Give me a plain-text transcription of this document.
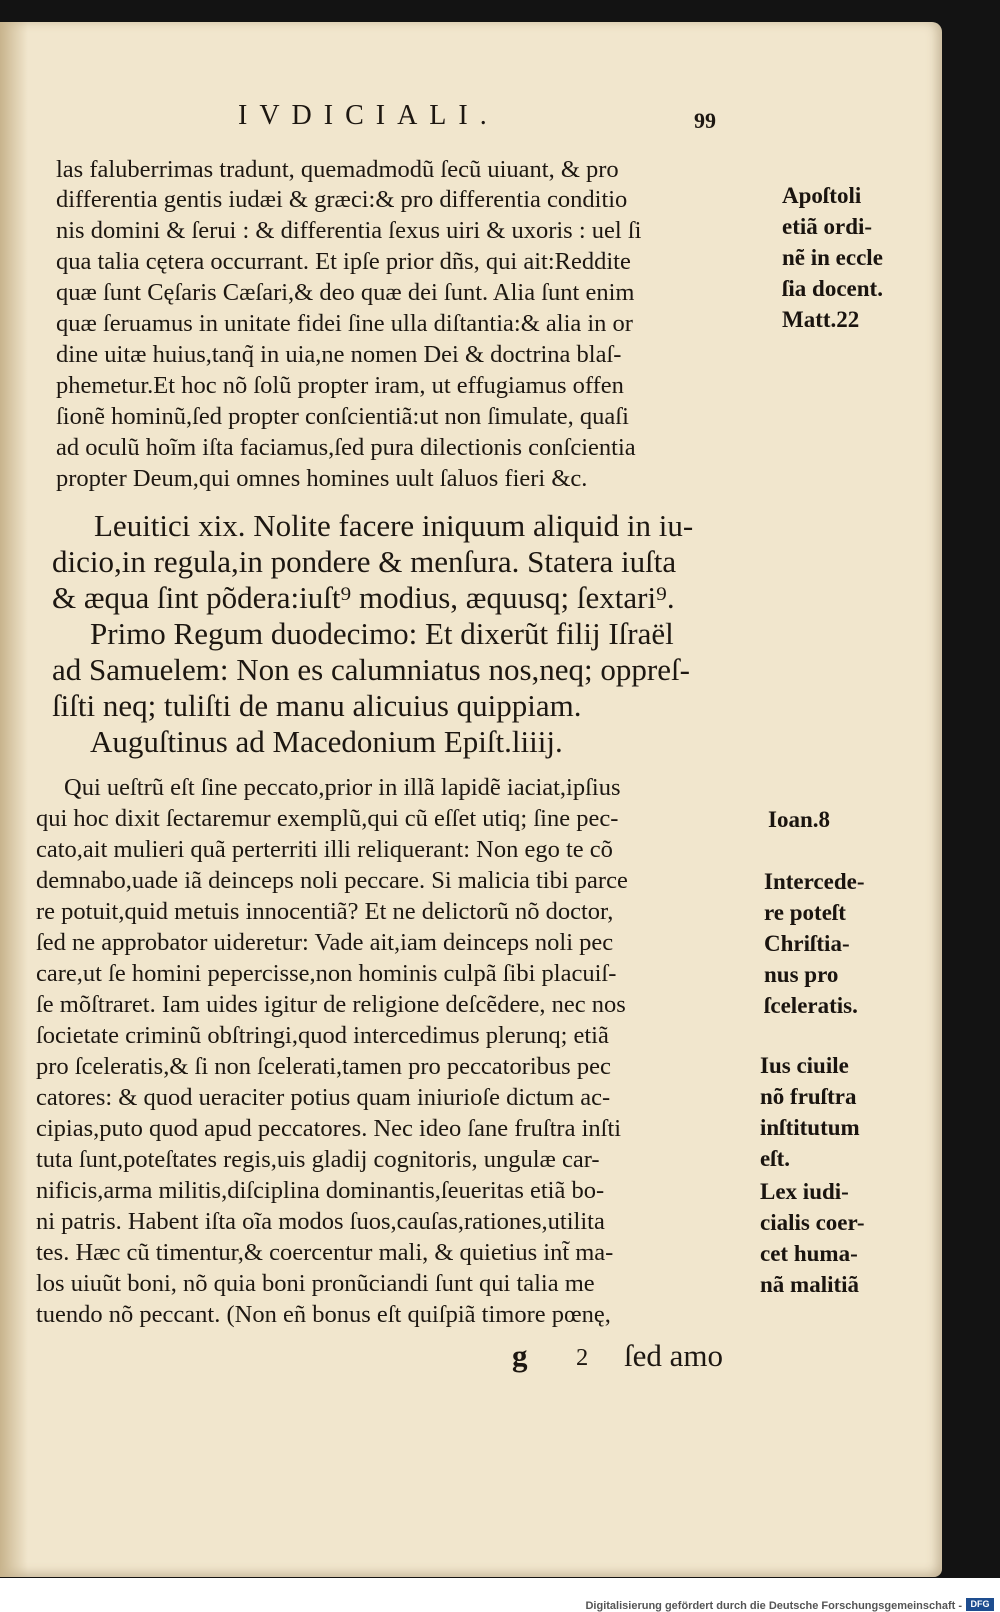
IVDICIALI.	99
las faluberrimas tradunt, quemadmodũ ſecũ uiuant, & pro
differentia gentis iudæi & græci:& pro differentia conditio
nis domini & ſerui : & differentia ſexus uiri & uxoris : uel ſi
qua talia cętera occurrant. Et ipſe prior dñs, qui ait:Reddite
quæ ſunt Cęſaris Cæſari,& deo quæ dei ſunt. Alia ſunt enim
quæ ſeruamus in unitate fidei ſine ulla diſtantia:& alia in or
dine uitæ huius,tanq̃ in uia,ne nomen Dei & doctrina blaſ-
phemetur.Et hoc nõ ſolũ propter iram, ut effugiamus offen
ſionẽ hominũ,ſed propter conſcientiã:ut non ſimulate, quaſi
ad oculũ hoĩm iſta faciamus,ſed pura dilectionis conſcientia
propter Deum,qui omnes homines uult ſaluos fieri &c.
Leuitici xix. Nolite facere iniquum aliquid in iu-
dicio,in regula,in pondere & menſura. Statera iuſta
& æqua ſint põdera:iuſt⁹ modius, æquusq; ſextari⁹.
Primo Regum duodecimo: Et dixerũt filij Iſraël
ad Samuelem: Non es calumniatus nos,neq; oppreſ-
ſiſti neq; tuliſti de manu alicuius quippiam.
Auguſtinus ad Macedonium Epiſt.liiij.
Qui ueſtrũ eſt ſine peccato,prior in illã lapidẽ iaciat,ipſius
qui hoc dixit ſectaremur exemplũ,qui cũ eſſet utiq; ſine pec-
cato,ait mulieri quã perterriti illi reliquerant: Non ego te cõ
demnabo,uade iã deinceps noli peccare. Si malicia tibi parce
re potuit,quid metuis innocentiã? Et ne delictorũ nõ doctor,
ſed ne approbator uideretur: Vade ait,iam deinceps noli pec
care,ut ſe homini pepercisse,non hominis culpã ſibi placuiſ-
ſe mõſtraret. Iam uides igitur de religione deſcẽdere, nec nos
ſocietate criminũ obſtringi,quod intercedimus plerunq; etiã
pro ſceleratis,& ſi non ſcelerati,tamen pro peccatoribus pec
catores: & quod ueraciter potius quam iniurioſe dictum ac-
cipias,puto quod apud peccatores. Nec ideo ſane fruſtra inſti
tuta ſunt,poteſtates regis,uis gladij cognitoris, ungulæ car-
nificis,arma militis,diſciplina dominantis,ſeueritas etiã bo-
ni patris. Habent iſta oĩa modos ſuos,cauſas,rationes,utilita
tes. Hæc cũ timentur,& coercentur mali, & quietius int̃ ma-
los uiuũt boni, nõ quia boni pronũciandi ſunt qui talia me
tuendo nõ peccant. (Non eñ bonus eſt quiſpiã timore pœnę,
g 2 ſed amo
Apoſtoli
etiã ordi-
nẽ in eccle
ſia docent.
Matt.22
Ioan.8
Intercede-
re poteſt
Chriſtia-
nus pro
ſceleratis.
Ius ciuile
nõ fruſtra
inſtitutum
eſt.
Lex iudi-
cialis coer-
cet huma-
nã malitiã
Digitalisierung gefördert durch die Deutsche Forschungsgemeinschaft - DFG
